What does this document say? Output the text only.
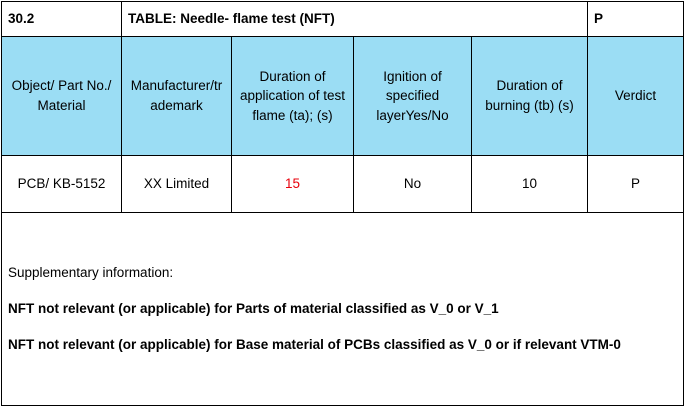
30.2	TABLE: Needle- flame test (NFT)				P
Object/ Part No./ Material	Manufacturer/trademark	Duration of application of test flame (ta); (s)	Ignition of specified layerYes/No	Duration of burning (tb) (s)	Verdict
PCB/ KB-5152	XX Limited	15	No	10	P

Supplementary information:

NFT not relevant (or applicable) for Parts of material classified as V_0 or V_1

NFT not relevant (or applicable) for Base material of PCBs classified as V_0 or if relevant VTM-0					
